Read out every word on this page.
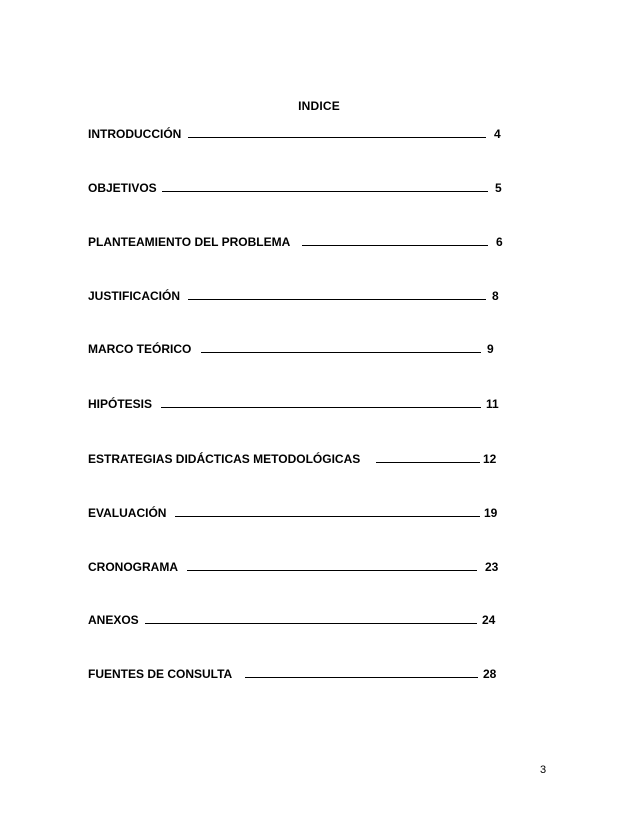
INDICE
INTRODUCCIÓN	4
OBJETIVOS	5
PLANTEAMIENTO DEL PROBLEMA	6
JUSTIFICACIÓN	8
MARCO TEÓRICO	9
HIPÓTESIS	11
ESTRATEGIAS DIDÁCTICAS METODOLÓGICAS	12
EVALUACIÓN	19
CRONOGRAMA	23
ANEXOS	24
FUENTES DE CONSULTA	28
3
